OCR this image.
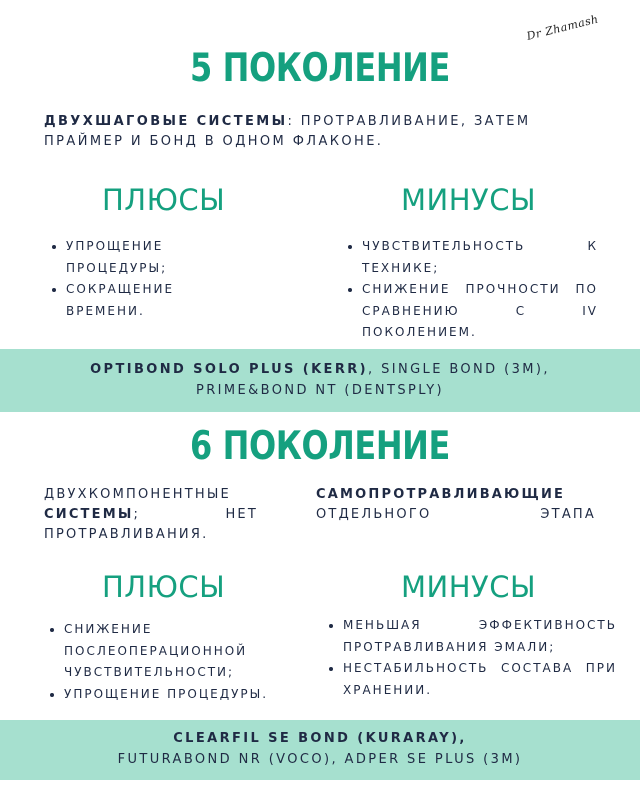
Dr Zhamash
5 ПОКОЛЕНИЕ
ДВУХШАГОВЫЕ СИСТЕМЫ: ПРОТРАВЛИВАНИЕ, ЗАТЕМ ПРАЙМЕР И БОНД В ОДНОМ ФЛАКОНЕ.
ПЛЮСЫ	МИНУСЫ
• УПРОЩЕНИЕ ПРОЦЕДУРЫ;
• СОКРАЩЕНИЕ ВРЕМЕНИ.
• ЧУВСТВИТЕЛЬНОСТЬ К ТЕХНИКЕ;
• СНИЖЕНИЕ ПРОЧНОСТИ ПО СРАВНЕНИЮ С IV ПОКОЛЕНИЕМ.
OPTIBOND SOLO PLUS (KERR), SINGLE BOND (3M),
PRIME&BOND NT (DENTSPLY)
6 ПОКОЛЕНИЕ
ДВУХКОМПОНЕНТНЫЕ СИСТЕМЫ; НЕТ ПРОТРАВЛИВАНИЯ.
САМОПРОТРАВЛИВАЮЩИЕ
ОТДЕЛЬНОГО ЭТАПА
ПЛЮСЫ	МИНУСЫ
• СНИЖЕНИЕ ПОСЛЕОПЕРАЦИОННОЙ ЧУВСТВИТЕЛЬНОСТИ;
• УПРОЩЕНИЕ ПРОЦЕДУРЫ.
• МЕНЬШАЯ ЭФФЕКТИВНОСТЬ ПРОТРАВЛИВАНИЯ ЭМАЛИ;
• НЕСТАБИЛЬНОСТЬ СОСТАВА ПРИ ХРАНЕНИИ.
CLEARFIL SE BOND (KURARAY),
FUTURABOND NR (VOCO), ADPER SE PLUS (3M)
